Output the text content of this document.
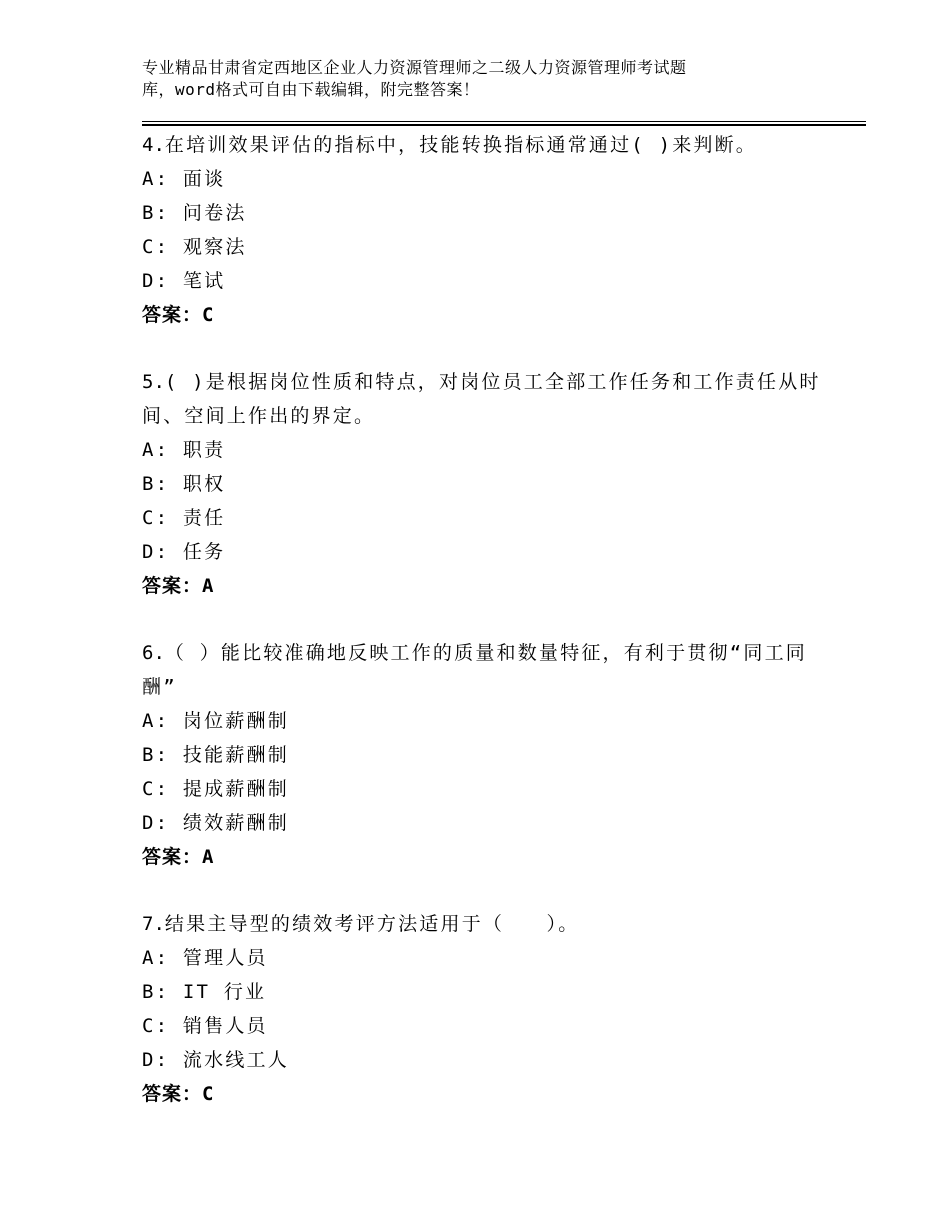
专业精品甘肃省定西地区企业人力资源管理师之二级人力资源管理师考试题
库，word格式可自由下载编辑，附完整答案！
4.在培训效果评估的指标中，技能转换指标通常通过( )来判断。
A: 面谈
B: 问卷法
C: 观察法
D: 笔试
答案：C
5.( )是根据岗位性质和特点，对岗位员工全部工作任务和工作责任从时间、空间上作出的界定。
A: 职责
B: 职权
C: 责任
D: 任务
答案：A
6.（ ）能比较准确地反映工作的质量和数量特征，有利于贯彻“同工同酬”
A: 岗位薪酬制
B: 技能薪酬制
C: 提成薪酬制
D: 绩效薪酬制
答案：A
7.结果主导型的绩效考评方法适用于（　　）。
A: 管理人员
B: IT 行业
C: 销售人员
D: 流水线工人
答案：C
